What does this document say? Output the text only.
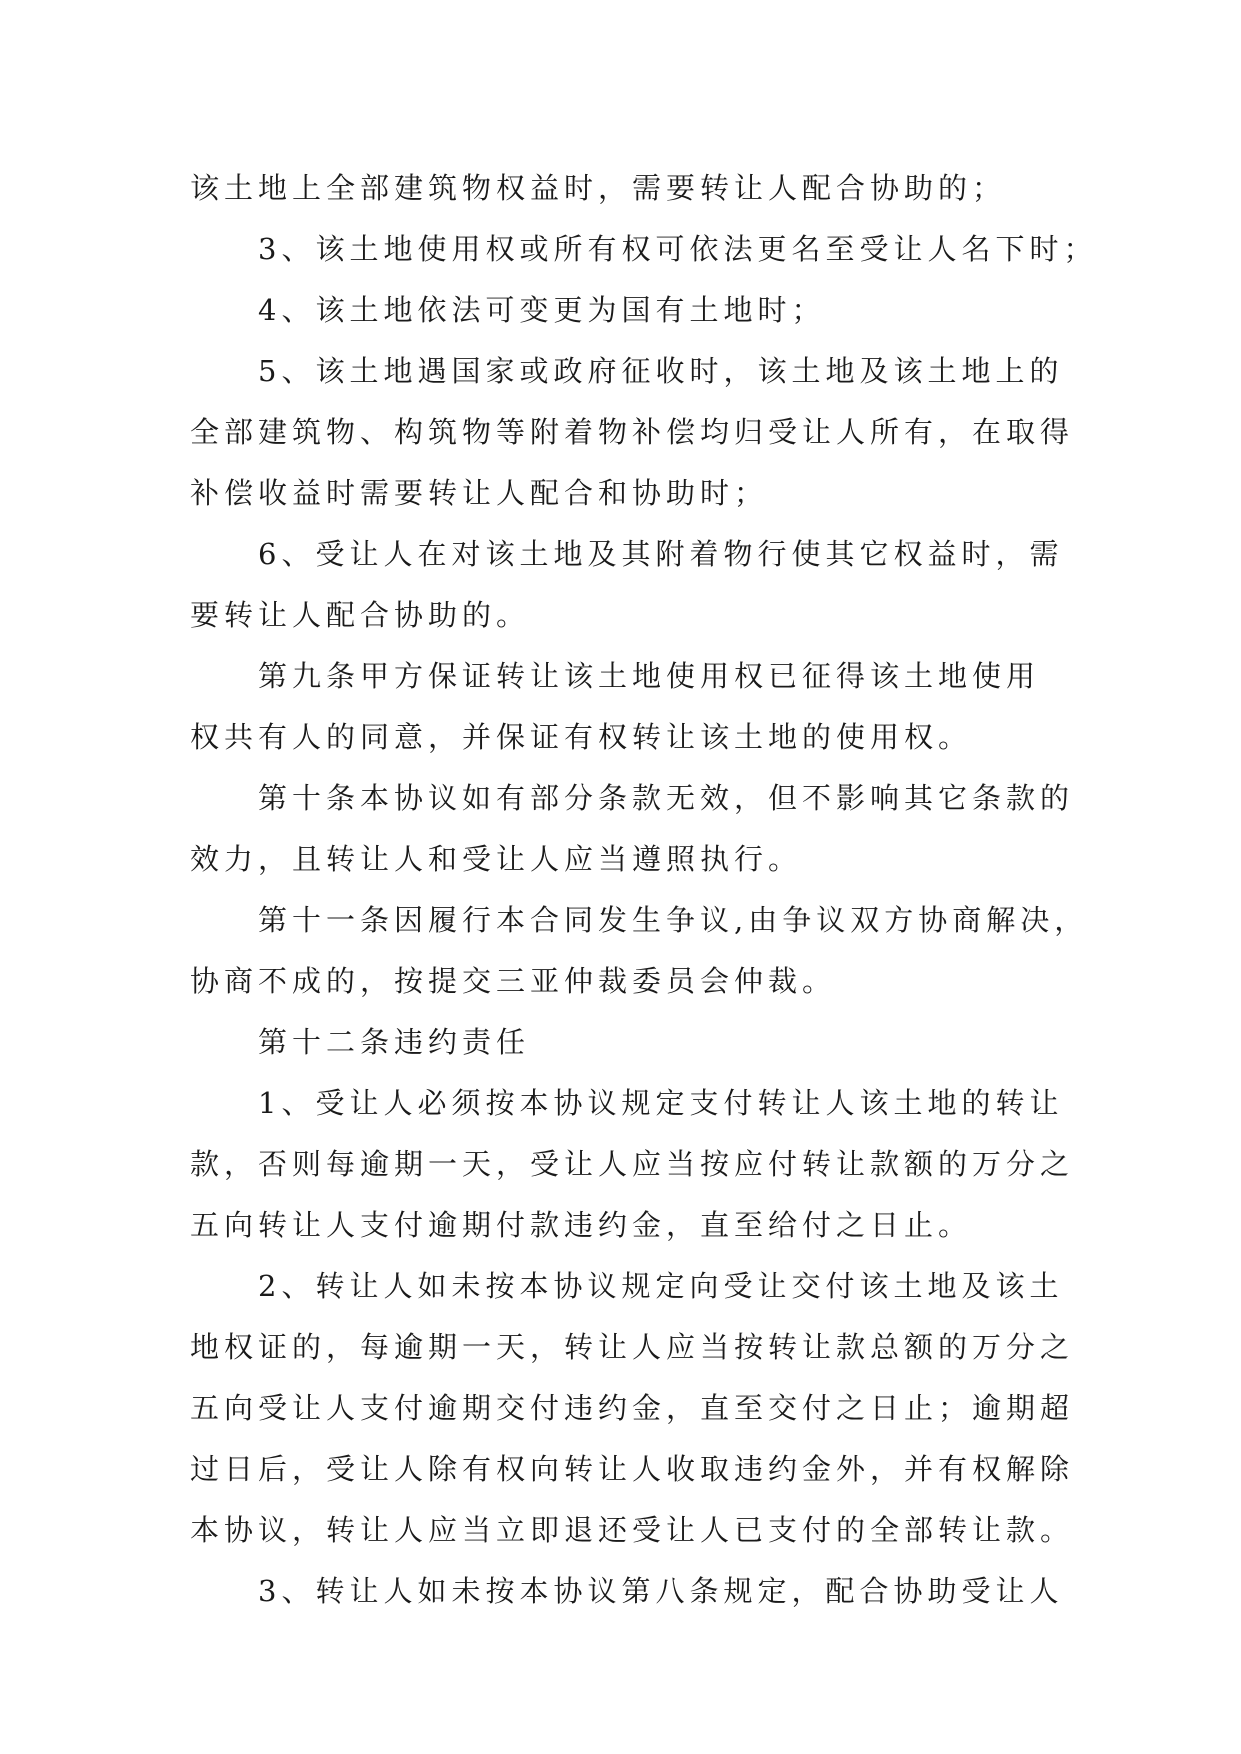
该土地上全部建筑物权益时，需要转让人配合协助的；
3、该土地使用权或所有权可依法更名至受让人名下时；
4、该土地依法可变更为国有土地时；
5、该土地遇国家或政府征收时，该土地及该土地上的
全部建筑物、构筑物等附着物补偿均归受让人所有，在取得
补偿收益时需要转让人配合和协助时；
6、受让人在对该土地及其附着物行使其它权益时，需
要转让人配合协助的。
第九条甲方保证转让该土地使用权已征得该土地使用
权共有人的同意，并保证有权转让该土地的使用权。
第十条本协议如有部分条款无效，但不影响其它条款的
效力，且转让人和受让人应当遵照执行。
第十一条因履行本合同发生争议,由争议双方协商解决，
协商不成的，按提交三亚仲裁委员会仲裁。
第十二条违约责任
1、受让人必须按本协议规定支付转让人该土地的转让
款，否则每逾期一天，受让人应当按应付转让款额的万分之
五向转让人支付逾期付款违约金，直至给付之日止。
2、转让人如未按本协议规定向受让交付该土地及该土
地权证的，每逾期一天，转让人应当按转让款总额的万分之
五向受让人支付逾期交付违约金，直至交付之日止；逾期超
过日后，受让人除有权向转让人收取违约金外，并有权解除
本协议，转让人应当立即退还受让人已支付的全部转让款。
3、转让人如未按本协议第八条规定，配合协助受让人
